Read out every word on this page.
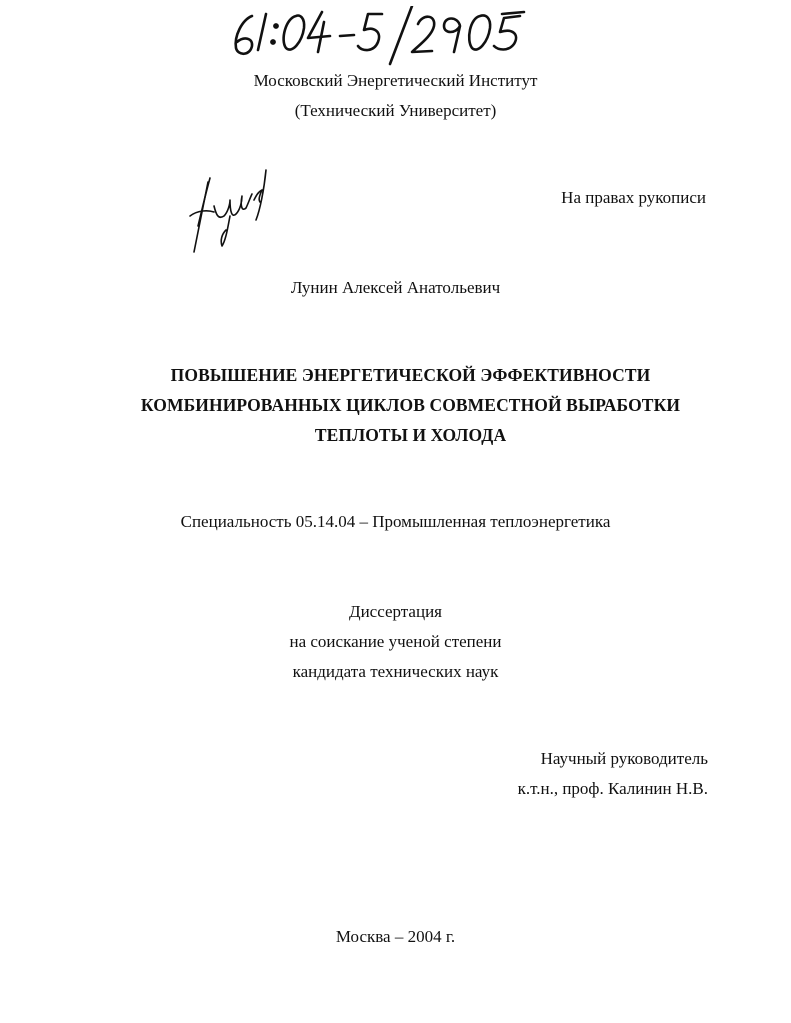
Московский Энергетический Институт
(Технический Университет)
На правах рукописи
Лунин Алексей Анатольевич
ПОВЫШЕНИЕ ЭНЕРГЕТИЧЕСКОЙ ЭФФЕКТИВНОСТИ
КОМБИНИРОВАННЫХ ЦИКЛОВ СОВМЕСТНОЙ ВЫРАБОТКИ
ТЕПЛОТЫ И ХОЛОДА
Специальность 05.14.04 – Промышленная теплоэнергетика
Диссертация
на соискание ученой степени
кандидата технических наук
Научный руководитель
к.т.н., проф. Калинин Н.В.
Москва – 2004 г.
